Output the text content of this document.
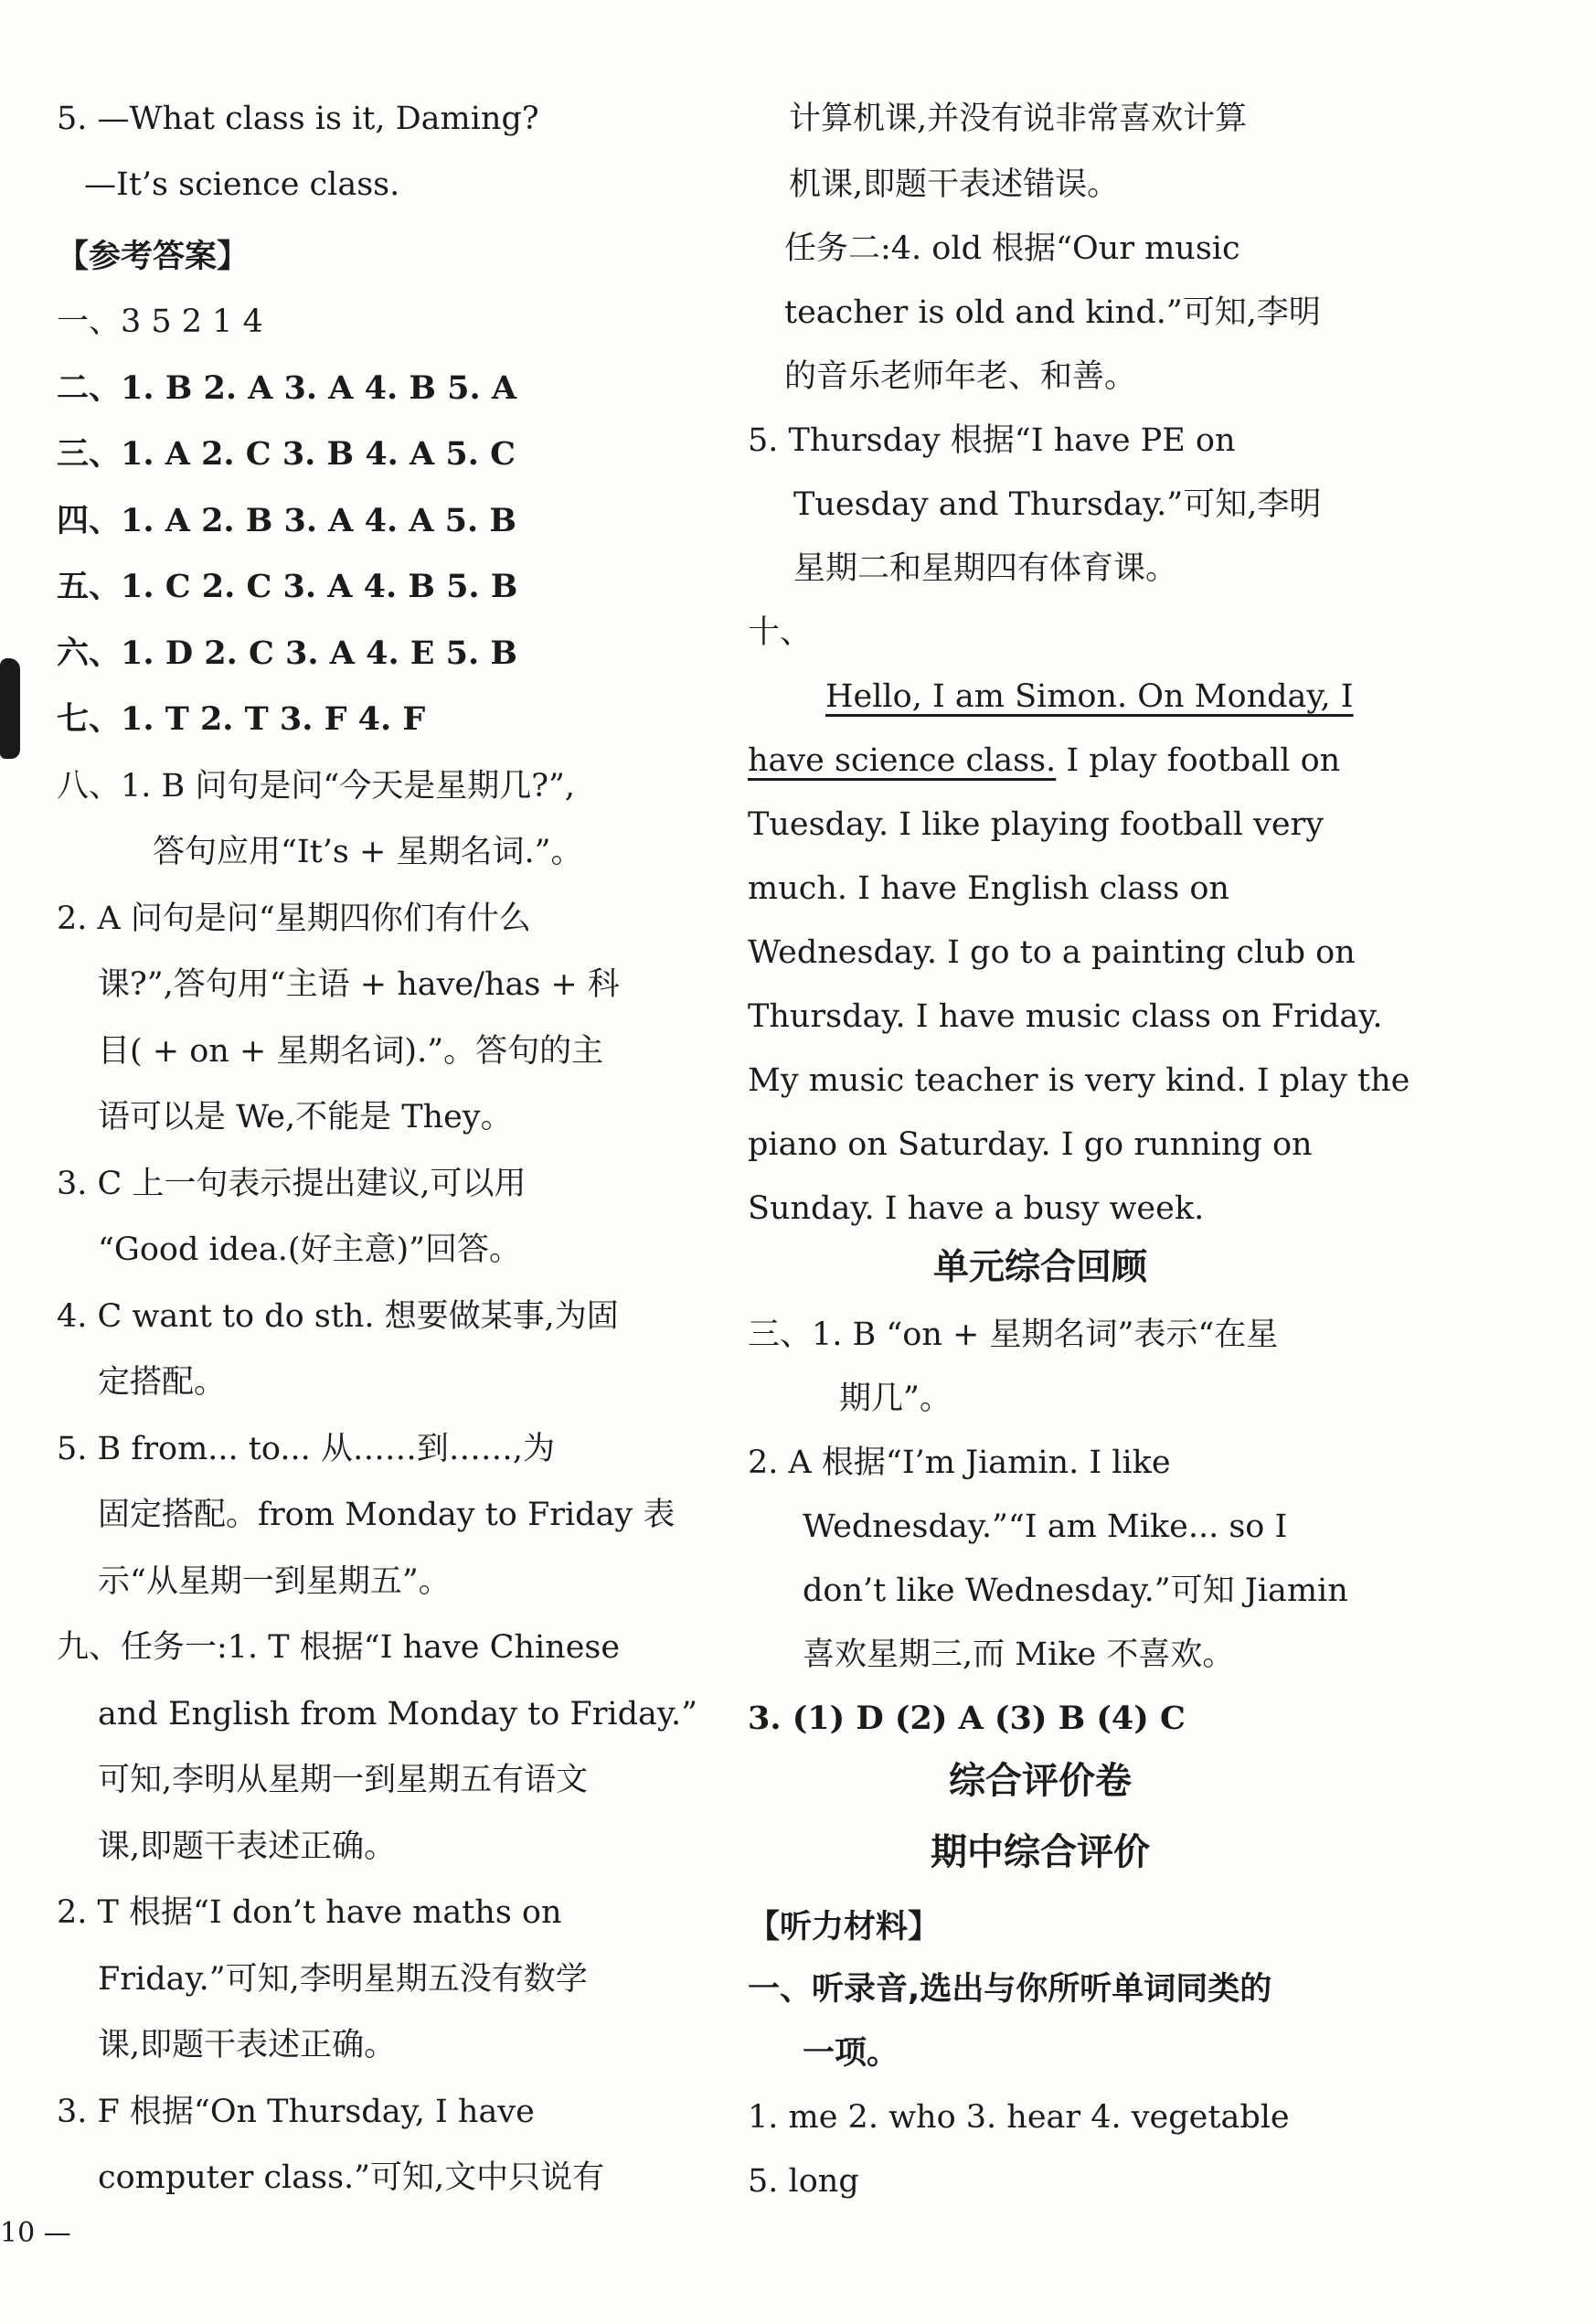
5. —What class is it, Daming?
—It’s science class.
【参考答案】
一、3 5 2 1 4
二、1. B 2. A 3. A 4. B 5. A
三、1. A 2. C 3. B 4. A 5. C
四、1. A 2. B 3. A 4. A 5. B
五、1. C 2. C 3. A 4. B 5. B
六、1. D 2. C 3. A 4. E 5. B
七、1. T 2. T 3. F 4. F
八、1. B 问句是问“今天是星期几?”,
答句应用“It’s + 星期名词.”。
2. A 问句是问“星期四你们有什么
课?”,答句用“主语 + have/has + 科
目( + on + 星期名词).”。答句的主
语可以是 We,不能是 They。
3. C 上一句表示提出建议,可以用
“Good idea.(好主意)”回答。
4. C want to do sth. 想要做某事,为固
定搭配。
5. B from... to... 从……到……,为
固定搭配。from Monday to Friday 表
示“从星期一到星期五”。
九、任务一:1. T 根据“I have Chinese
and English from Monday to Friday.”
可知,李明从星期一到星期五有语文
课,即题干表述正确。
2. T 根据“I don’t have maths on
Friday.”可知,李明星期五没有数学
课,即题干表述正确。
3. F 根据“On Thursday, I have
computer class.”可知,文中只说有
计算机课,并没有说非常喜欢计算
机课,即题干表述错误。
任务二:4. old 根据“Our music
teacher is old and kind.”可知,李明
的音乐老师年老、和善。
5. Thursday 根据“I have PE on
Tuesday and Thursday.”可知,李明
星期二和星期四有体育课。
十、
Hello, I am Simon. On Monday, I
have science class. I play football on
Tuesday. I like playing football very
much. I have English class on
Wednesday. I go to a painting club on
Thursday. I have music class on Friday.
My music teacher is very kind. I play the
piano on Saturday. I go running on
Sunday. I have a busy week.
单元综合回顾
三、1. B “on + 星期名词”表示“在星
期几”。
2. A 根据“I’m Jiamin. I like
Wednesday.”“I am Mike... so I
don’t like Wednesday.”可知 Jiamin
喜欢星期三,而 Mike 不喜欢。
3. (1) D (2) A (3) B (4) C
综合评价卷
期中综合评价
【听力材料】
一、听录音,选出与你所听单词同类的
一项。
1. me 2. who 3. hear 4. vegetable
5. long
10 —
